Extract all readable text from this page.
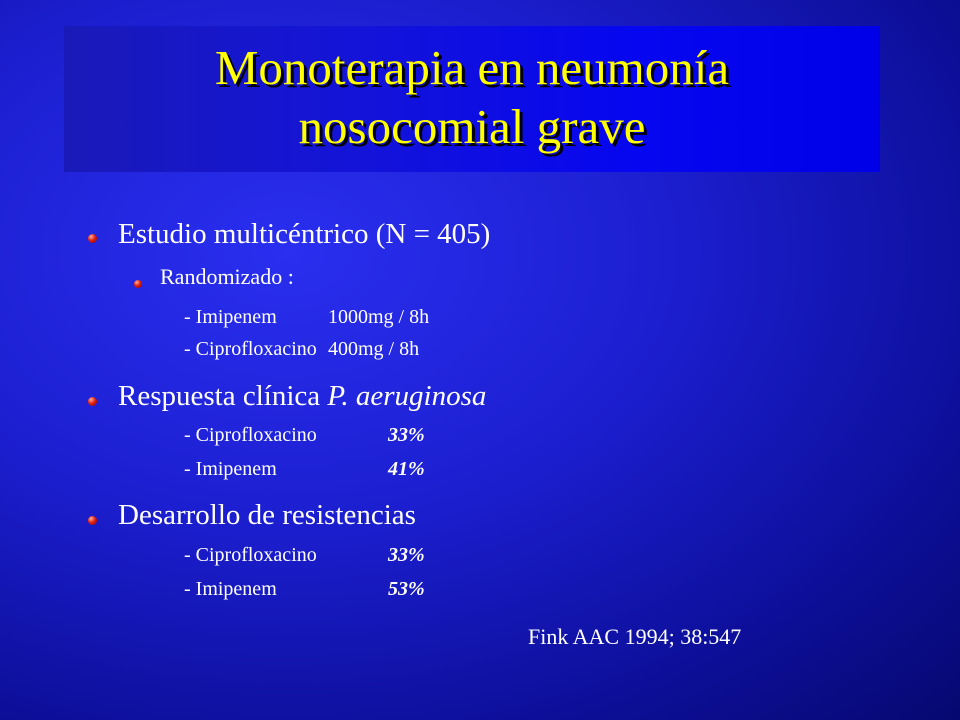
Monoterapia en neumonía
nosocomial grave
Estudio multicéntrico (N = 405)
Randomizado :
- Imipenem	1000mg / 8h
- Ciprofloxacino 400mg / 8h
Respuesta clínica P. aeruginosa
- Ciprofloxacino	33%
- Imipenem	41%
Desarrollo de resistencias
- Ciprofloxacino	33%
- Imipenem	53%
Fink AAC 1994; 38:547
